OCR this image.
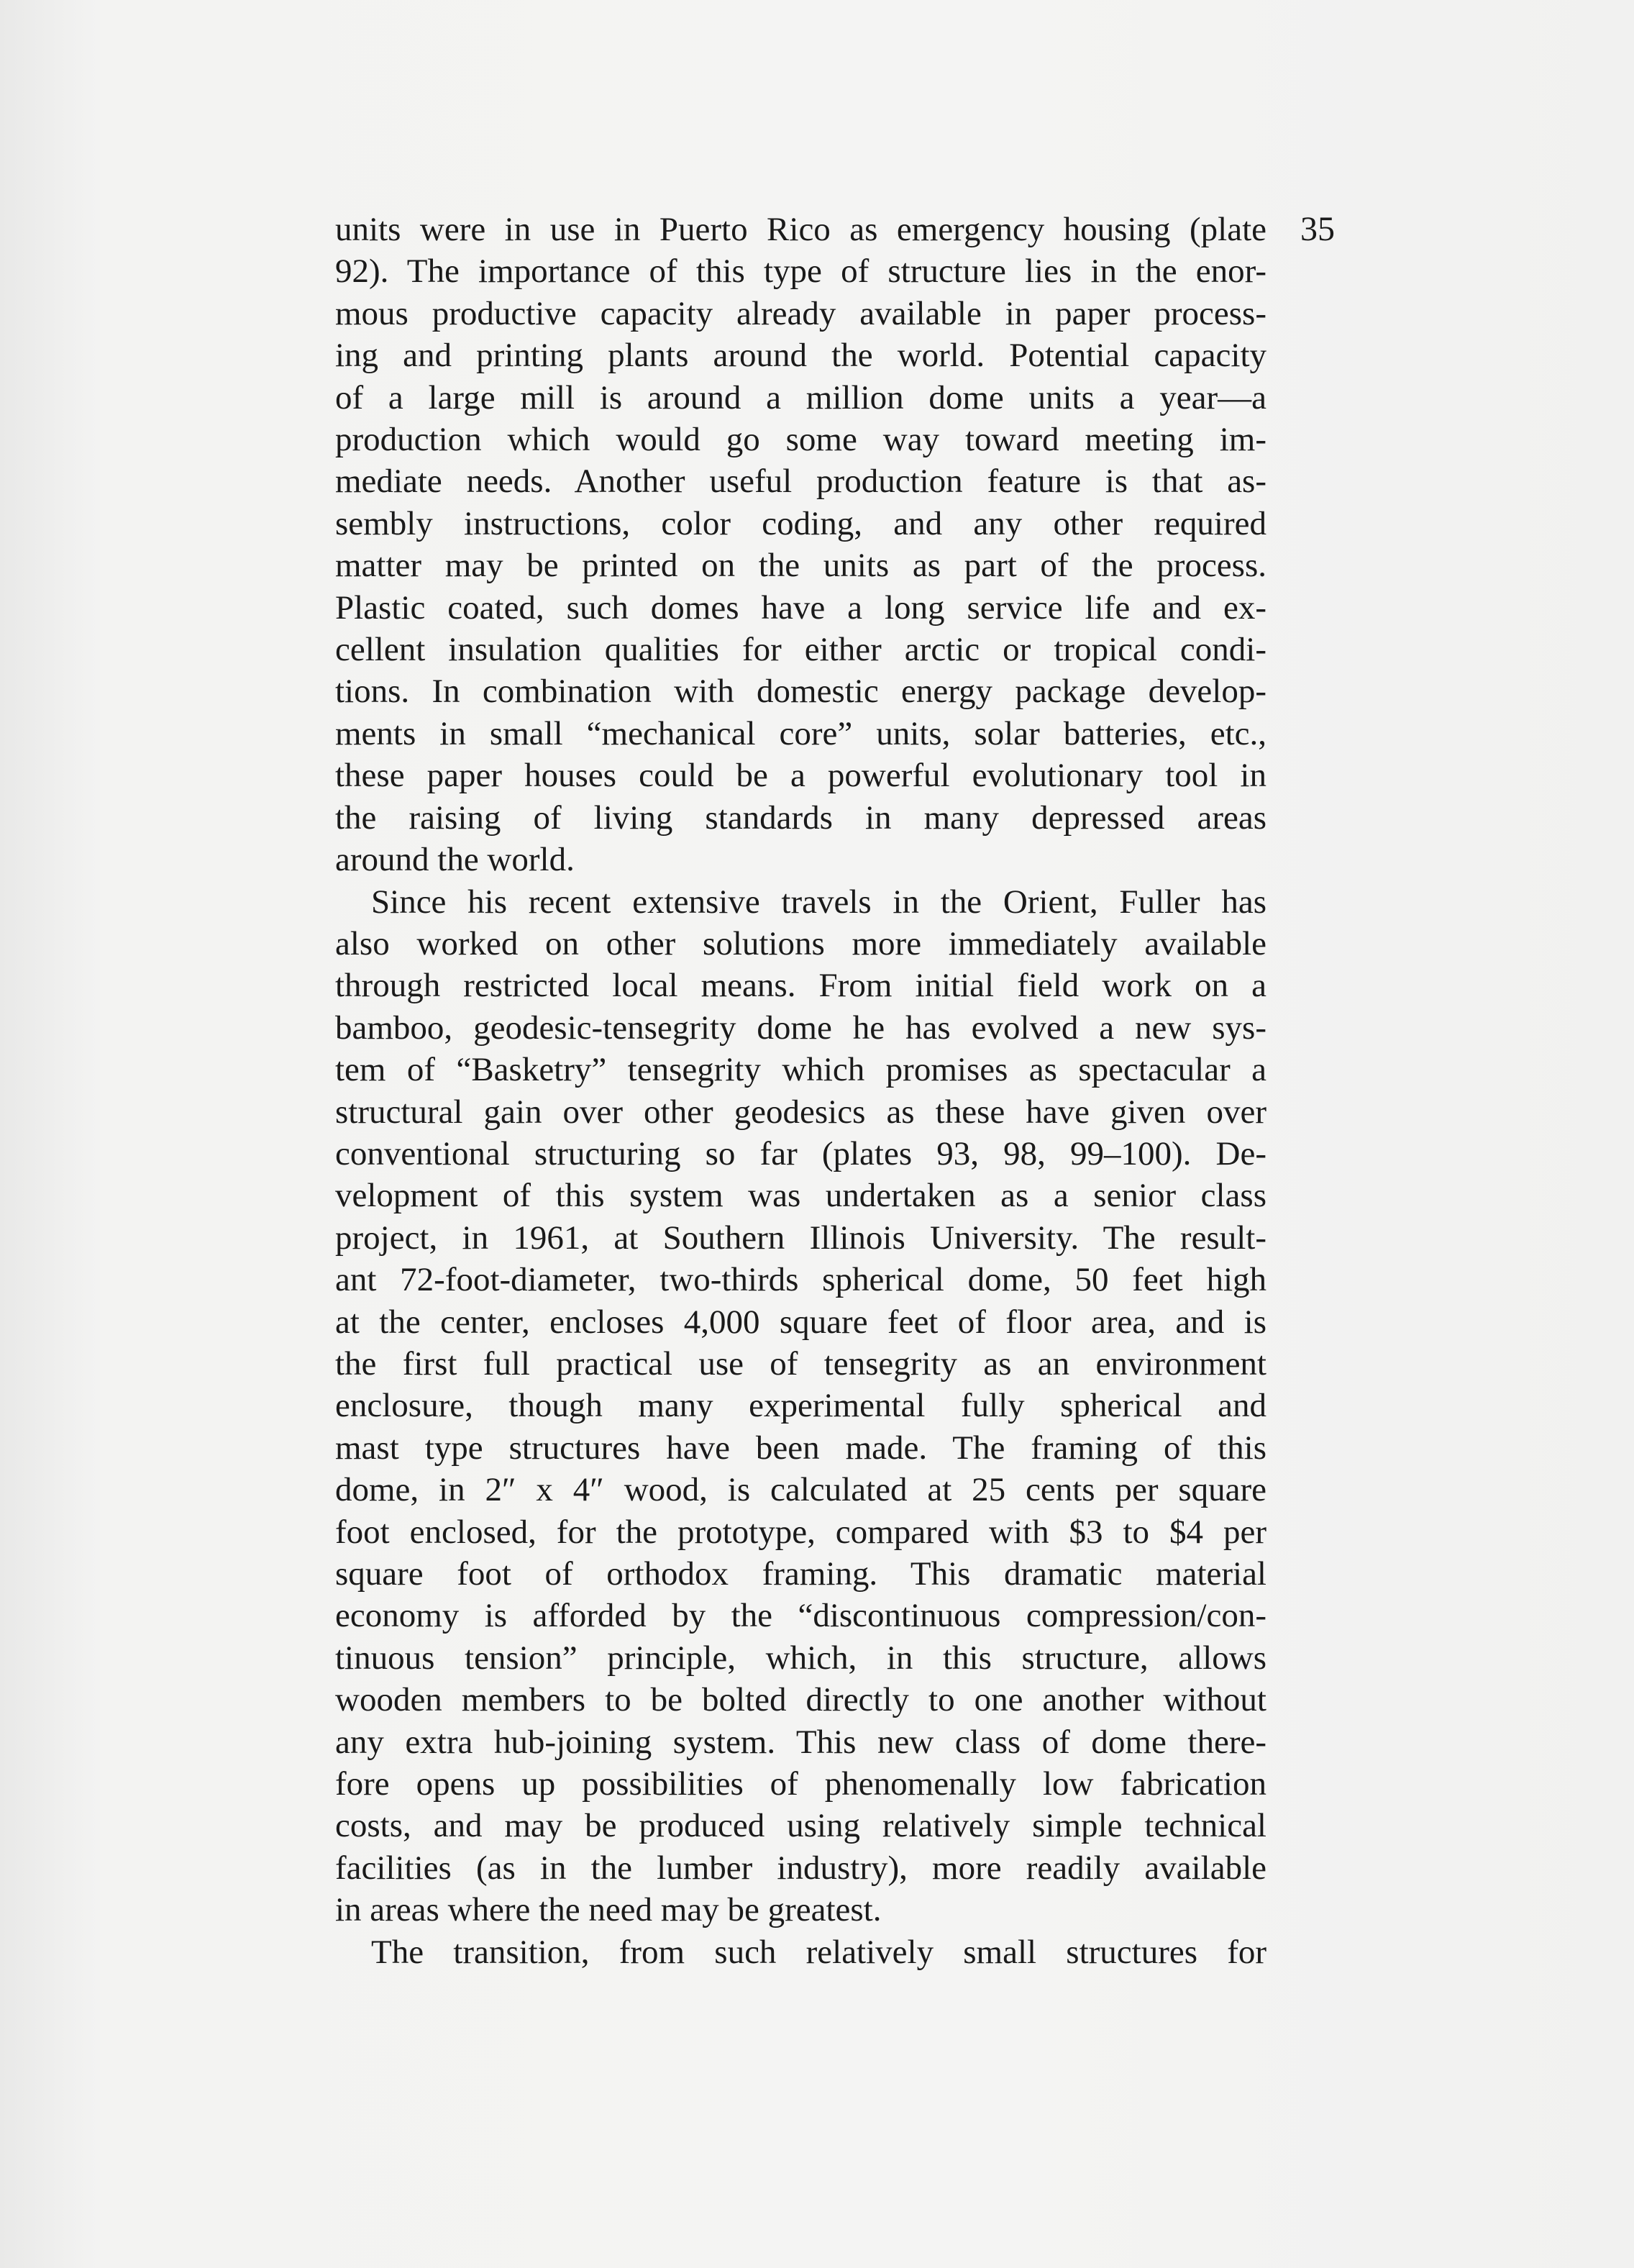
35
units were in use in Puerto Rico as emergency housing (plate
92). The importance of this type of structure lies in the enor-
mous productive capacity already available in paper process-
ing and printing plants around the world. Potential capacity
of a large mill is around a million dome units a year—a
production which would go some way toward meeting im-
mediate needs. Another useful production feature is that as-
sembly instructions, color coding, and any other required
matter may be printed on the units as part of the process.
Plastic coated, such domes have a long service life and ex-
cellent insulation qualities for either arctic or tropical condi-
tions. In combination with domestic energy package develop-
ments in small “mechanical core” units, solar batteries, etc.,
these paper houses could be a powerful evolutionary tool in
the raising of living standards in many depressed areas
around the world.
Since his recent extensive travels in the Orient, Fuller has
also worked on other solutions more immediately available
through restricted local means. From initial field work on a
bamboo, geodesic-tensegrity dome he has evolved a new sys-
tem of “Basketry” tensegrity which promises as spectacular a
structural gain over other geodesics as these have given over
conventional structuring so far (plates 93, 98, 99–100). De-
velopment of this system was undertaken as a senior class
project, in 1961, at Southern Illinois University. The result-
ant 72-foot-diameter, two-thirds spherical dome, 50 feet high
at the center, encloses 4,000 square feet of floor area, and is
the first full practical use of tensegrity as an environment
enclosure, though many experimental fully spherical and
mast type structures have been made. The framing of this
dome, in 2″ x 4″ wood, is calculated at 25 cents per square
foot enclosed, for the prototype, compared with $3 to $4 per
square foot of orthodox framing. This dramatic material
economy is afforded by the “discontinuous compression/con-
tinuous tension” principle, which, in this structure, allows
wooden members to be bolted directly to one another without
any extra hub-joining system. This new class of dome there-
fore opens up possibilities of phenomenally low fabrication
costs, and may be produced using relatively simple technical
facilities (as in the lumber industry), more readily available
in areas where the need may be greatest.
The transition, from such relatively small structures for
